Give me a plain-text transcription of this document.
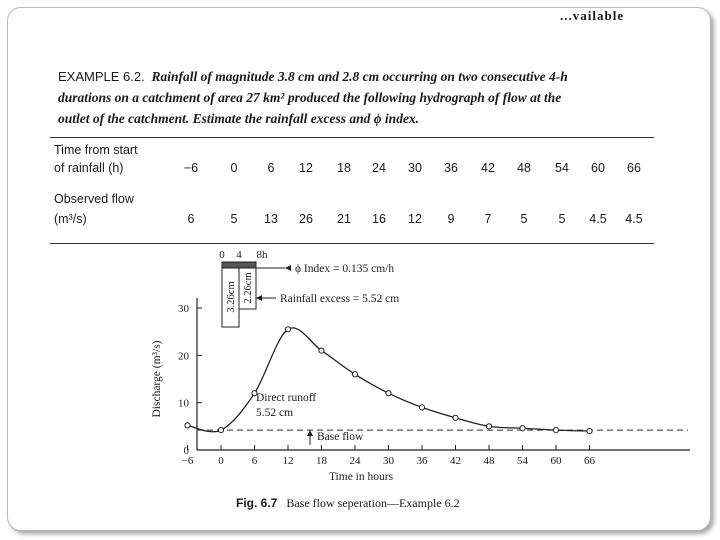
...vailable
EXAMPLE 6.2. Rainfall of magnitude 3.8 cm and 2.8 cm occurring on two consecutive 4-h
durations on a catchment of area 27 km² produced the following hydrograph of flow at the
outlet of the catchment. Estimate the rainfall excess and ϕ index.
Time from start
of rainfall (h)
Observed flow
(m³/s)
−6	0	6	12	18	24	30	36	42	48	54	60	66
6	5	13	26	21	16	12	9	7	5	5	4.5	4.5
0
10
20
30
−6 0	6 12 18 24 30 36 42 48 54 60 66
Time in hours
Discharge (m³/s)
0 4 8h
3.26cm 2.26cm
ϕ Index = 0.135 cm/h
Rainfall excess = 5.52 cm
Direct runoff
5.52 cm
Base flow
Fig. 6.7 Base flow seperation—Example 6.2
